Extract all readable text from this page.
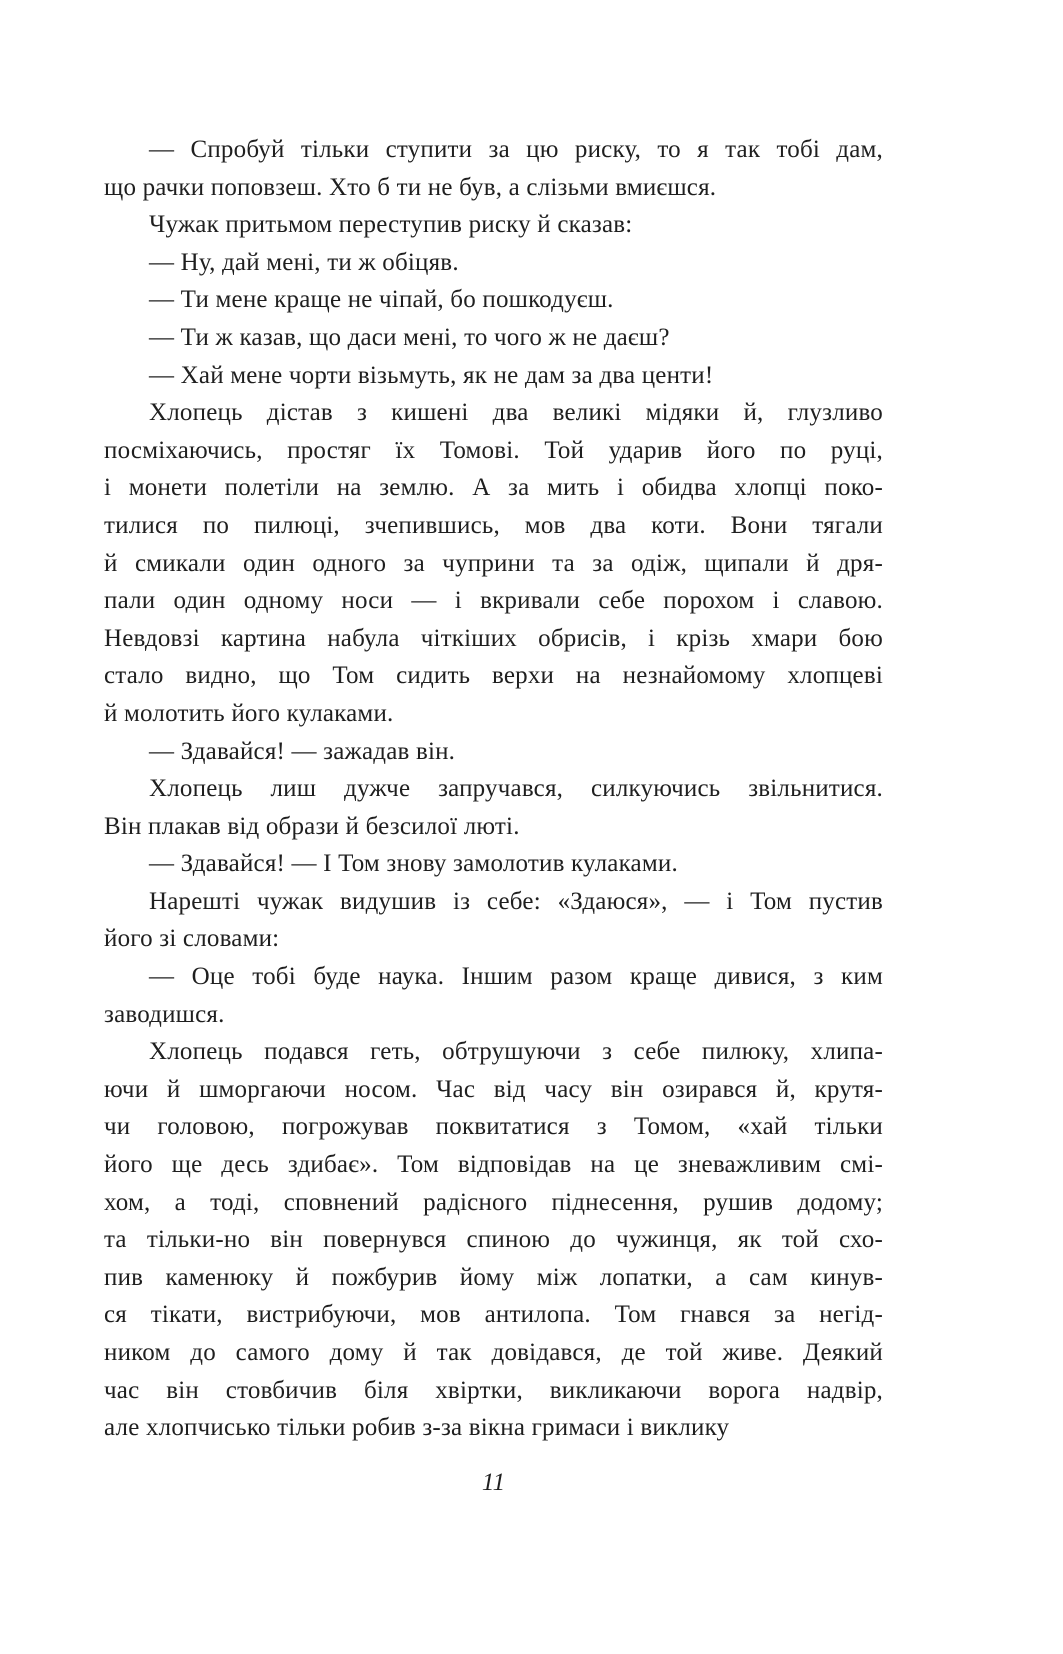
— Спробуй тільки ступити за цю риску, то я так тобі дам,
що рачки поповзеш. Хто б ти не був, а слізьми вмиєшся.
Чужак притьмом переступив риску й сказав:
— Ну, дай мені, ти ж обіцяв.
— Ти мене краще не чіпай, бо пошкодуєш.
— Ти ж казав, що даси мені, то чого ж не даєш?
— Хай мене чорти візьмуть, як не дам за два центи!
Хлопець дістав з кишені два великі мідяки й, глузливо
посміхаючись, простяг їх Томові. Той ударив його по руці,
і монети полетіли на землю. А за мить і обидва хлопці поко-
тилися по пилюці, зчепившись, мов два коти. Вони тягали
й смикали один одного за чуприни та за одіж, щипали й дря-
пали один одному носи — і вкривали себе порохом і славою.
Невдовзі картина набула чіткіших обрисів, і крізь хмари бою
стало видно, що Том сидить верхи на незнайомому хлопцеві
й молотить його кулаками.
— Здавайся! — зажадав він.
Хлопець лиш дужче запручався, силкуючись звільнитися.
Він плакав від образи й безсилої люті.
— Здавайся! — І Том знову замолотив кулаками.
Нарешті чужак видушив із себе: «Здаюся», — і Том пустив
його зі словами:
— Оце тобі буде наука. Іншим разом краще дивися, з ким
заводишся.
Хлопець подався геть, обтрушуючи з себе пилюку, хлипа-
ючи й шморгаючи носом. Час від часу він озирався й, крутя-
чи головою, погрожував поквитатися з Томом, «хай тільки
його ще десь здибає». Том відповідав на це зневажливим смі-
хом, а тоді, сповнений радісного піднесення, рушив додому;
та тільки-но він повернувся спиною до чужинця, як той схо-
пив каменюку й пожбурив йому між лопатки, а сам кинув-
ся тікати, вистрибуючи, мов антилопа. Том гнався за негід-
ником до самого дому й так довідався, де той живе. Деякий
час він стовбичив біля хвіртки, викликаючи ворога надвір,
але хлопчисько тільки робив з-за вікна гримаси і виклику
11
